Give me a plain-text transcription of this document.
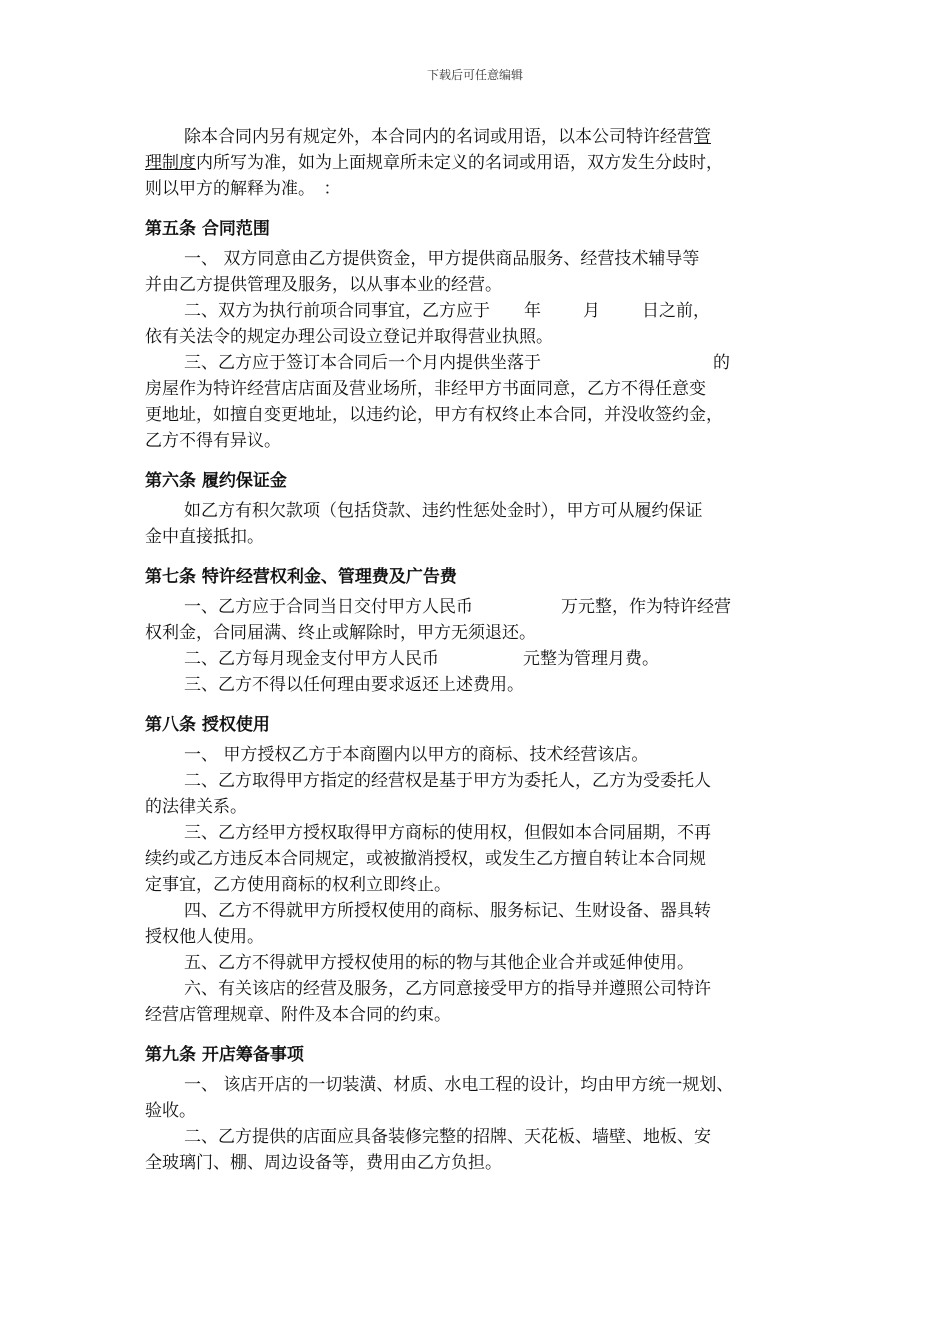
下载后可任意编辑

除本合同内另有规定外，本合同内的名词或用语，以本公司特许经营管

理制度内所写为准，如为上面规章所未定义的名词或用语，双方发生分歧时，

则以甲方的解释为准。　：

第五条 合同范围

一、 双方同意由乙方提供资金，甲方提供商品服务、经营技术辅导等

并由乙方提供管理及服务，以从事本业的经营。

二、双方为执行前项合同事宜，乙方应于 年 月 日之前，

依有关法令的规定办理公司设立登记并取得营业执照。

三、乙方应于签订本合同后一个月内提供坐落于	的

房屋作为特许经营店店面及营业场所，非经甲方书面同意，乙方不得任意变

更地址，如擅自变更地址，以违约论，甲方有权终止本合同，并没收签约金，

乙方不得有异议。

第六条 履约保证金

如乙方有积欠款项（包括贷款、违约性惩处金时），甲方可从履约保证

金中直接抵扣。

第七条 特许经营权利金、管理费及广告费

一、乙方应于合同当日交付甲方人民币	万元整，作为特许经营

权利金，合同届满、终止或解除时，甲方无须退还。

二、乙方每月现金支付甲方人民币	元整为管理月费。

三、乙方不得以任何理由要求返还上述费用。

第八条 授权使用

一、 甲方授权乙方于本商圈内以甲方的商标、技术经营该店。

二、乙方取得甲方指定的经营权是基于甲方为委托人，乙方为受委托人

的法律关系。

三、乙方经甲方授权取得甲方商标的使用权，但假如本合同届期，不再

续约或乙方违反本合同规定，或被撤消授权，或发生乙方擅自转让本合同规

定事宜，乙方使用商标的权利立即终止。

四、乙方不得就甲方所授权使用的商标、服务标记、生财设备、器具转

授权他人使用。

五、乙方不得就甲方授权使用的标的物与其他企业合并或延伸使用。

六、有关该店的经营及服务，乙方同意接受甲方的指导并遵照公司特许

经营店管理规章、附件及本合同的约束。

第九条 开店筹备事项

一、 该店开店的一切装潢、材质、水电工程的设计，均由甲方统一规划、

验收。

二、乙方提供的店面应具备装修完整的招牌、天花板、墙壁、地板、安

全玻璃门、棚、周边设备等，费用由乙方负担。
